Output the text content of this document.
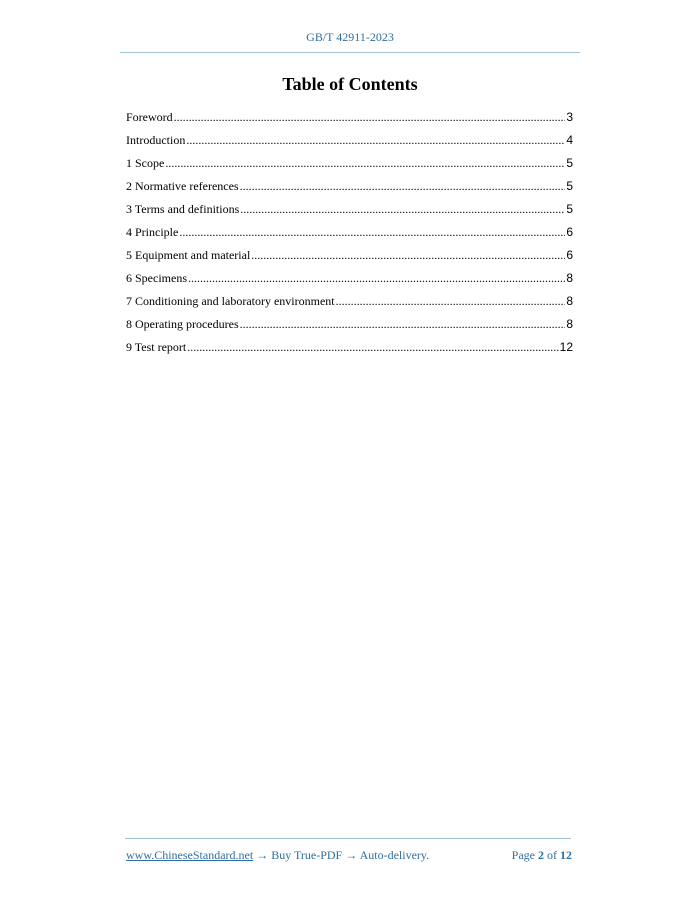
GB/T 42911-2023
Table of Contents
Foreword .....	3
Introduction .....	4
1 Scope .....	5
2 Normative references .....	5
3 Terms and definitions .....	5
4 Principle .....	6
5 Equipment and material .....	6
6 Specimens .....	8
7 Conditioning and laboratory environment .....	8
8 Operating procedures .....	8
9 Test report .....	12
www.ChineseStandard.net → Buy True-PDF → Auto-delivery.	Page 2 of 12
